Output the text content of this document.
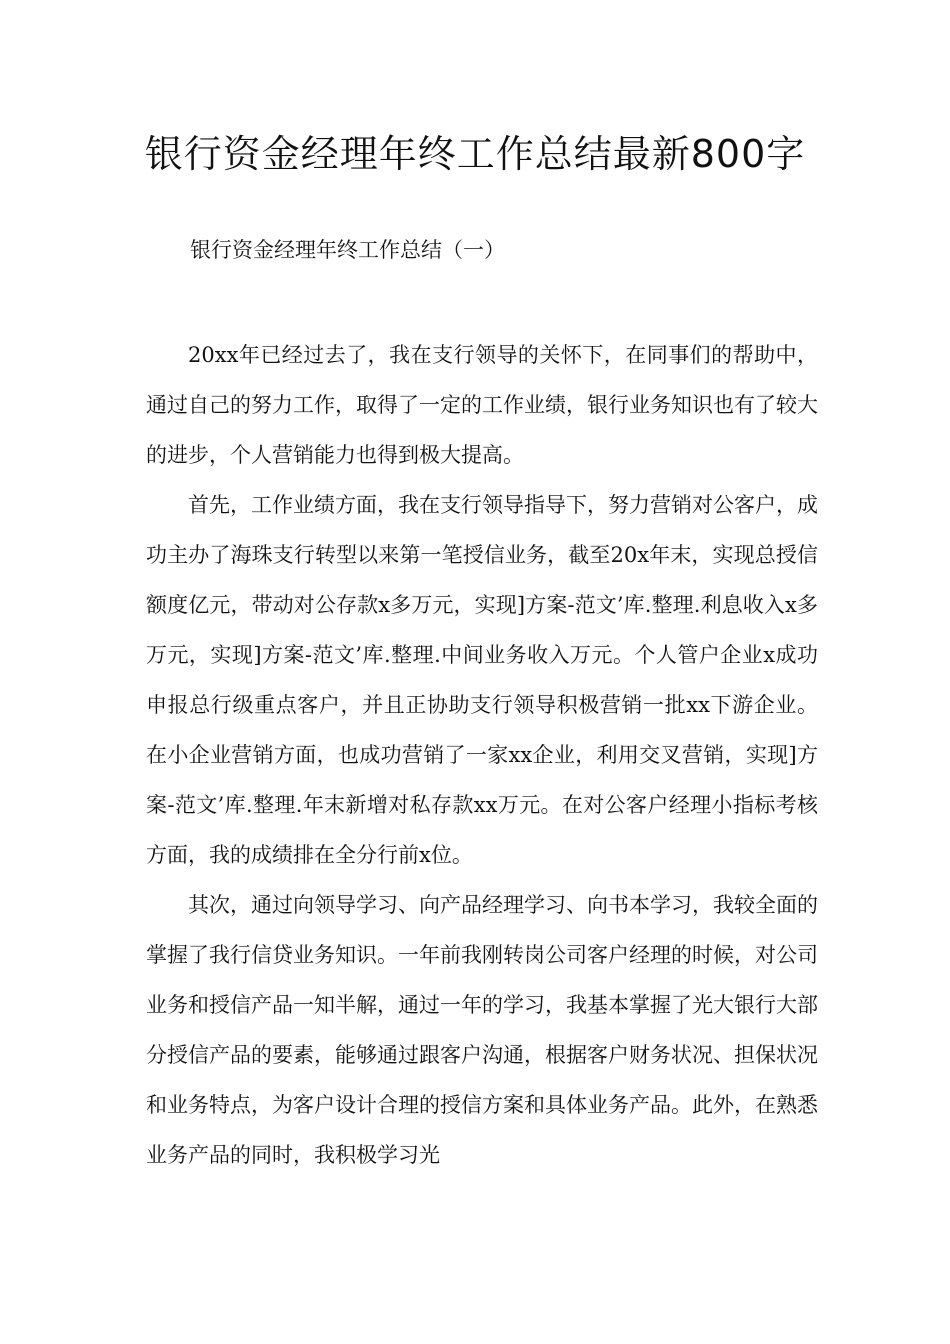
银行资金经理年终工作总结最新800字

银行资金经理年终工作总结（一）

20xx年已经过去了，我在支行领导的关怀下，在同事们的帮助中，通过自己的努力工作，取得了一定的工作业绩，银行业务知识也有了较大的进步，个人营销能力也得到极大提高。

首先，工作业绩方面，我在支行领导指导下，努力营销对公客户，成功主办了海珠支行转型以来第一笔授信业务，截至20x年末，实现总授信额度亿元，带动对公存款x多万元，实现]方案-范文’库.整理.利息收入x多万元，实现]方案-范文’库.整理.中间业务收入万元。个人管户企业x成功申报总行级重点客户，并且正协助支行领导积极营销一批xx下游企业。在小企业营销方面，也成功营销了一家xx企业，利用交叉营销，实现]方案-范文’库.整理.年末新增对私存款xx万元。在对公客户经理小指标考核方面，我的成绩排在全分行前x位。

其次，通过向领导学习、向产品经理学习、向书本学习，我较全面的掌握了我行信贷业务知识。一年前我刚转岗公司客户经理的时候，对公司业务和授信产品一知半解，通过一年的学习，我基本掌握了光大银行大部分授信产品的要素，能够通过跟客户沟通，根据客户财务状况、担保状况和业务特点，为客户设计合理的授信方案和具体业务产品。此外，在熟悉业务产品的同时，我积极学习光
